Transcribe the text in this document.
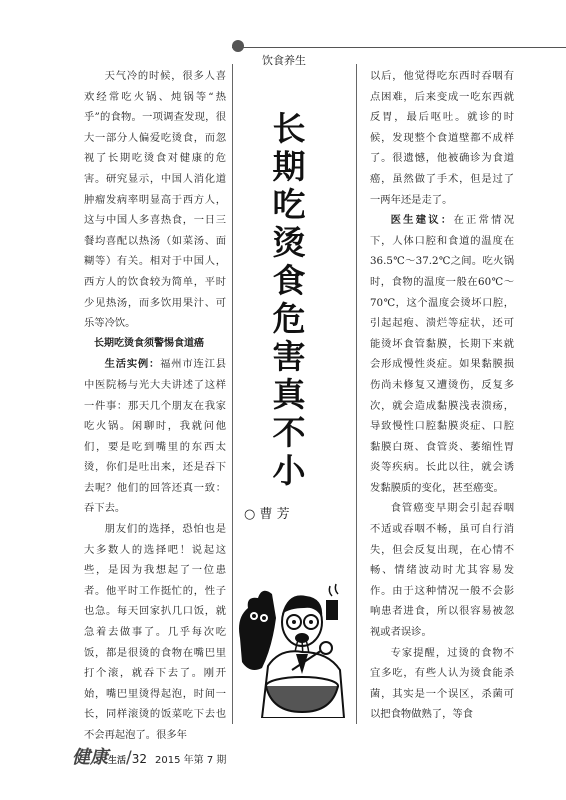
饮食养生

天气冷的时候，很多人喜欢经常吃火锅、炖锅等“热乎”的食物。一项调查发现，很大一部分人偏爱吃烫食，而忽视了长期吃烫食对健康的危害。研究显示，中国人消化道肿瘤发病率明显高于西方人，这与中国人多喜热食，一日三餐均喜配以热汤（如菜汤、面糊等）有关。相对于中国人，西方人的饮食较为简单，平时少见热汤，而多饮用果汁、可乐等冷饮。

长期吃烫食须警惕食道癌

生活实例：福州市连江县中医院杨与光大夫讲述了这样一件事：那天几个朋友在我家吃火锅。闲聊时，我就问他们，要是吃到嘴里的东西太烫，你们是吐出来，还是吞下去呢？他们的回答还真一致：吞下去。

朋友们的选择，恐怕也是大多数人的选择吧！说起这些，是因为我想起了一位患者。他平时工作挺忙的，性子也急。每天回家扒几口饭，就急着去做事了。几乎每次吃饭，都是很烫的食物在嘴巴里打个滚，就吞下去了。刚开始，嘴巴里烫得起泡，时间一长，同样滚烫的饭菜吃下去也不会再起泡了。很多年

长
期
吃
烫
食
危
害
真
不
小
○ 曹 芳

以后，他觉得吃东西时吞咽有点困难，后来变成一吃东西就反胃，最后呕吐。就诊的时候，发现整个食道壁都不成样了。很遗憾，他被确诊为食道癌，虽然做了手术，但是过了一两年还是走了。

医生建议：在正常情况下，人体口腔和食道的温度在36.5℃～37.2℃之间。吃火锅时，食物的温度一般在60℃～70℃，这个温度会烫坏口腔，引起起疱、溃烂等症状，还可能烫坏食管黏膜，长期下来就会形成慢性炎症。如果黏膜损伤尚未修复又遭烫伤，反复多次，就会造成黏膜浅表溃疡，导致慢性口腔黏膜炎症、口腔黏膜白斑、食管炎、萎缩性胃炎等疾病。长此以往，就会诱发黏膜质的变化，甚至癌变。

食管癌变早期会引起吞咽不适或吞咽不畅，虽可自行消失，但会反复出现，在心情不畅、情绪波动时尤其容易发作。由于这种情况一般不会影响患者进食，所以很容易被忽视或者误诊。

专家提醒，过烫的食物不宜多吃，有些人认为烫食能杀菌，其实是一个误区，杀菌可以把食物做熟了，等食

健康生活/32 2015 年第 7 期
